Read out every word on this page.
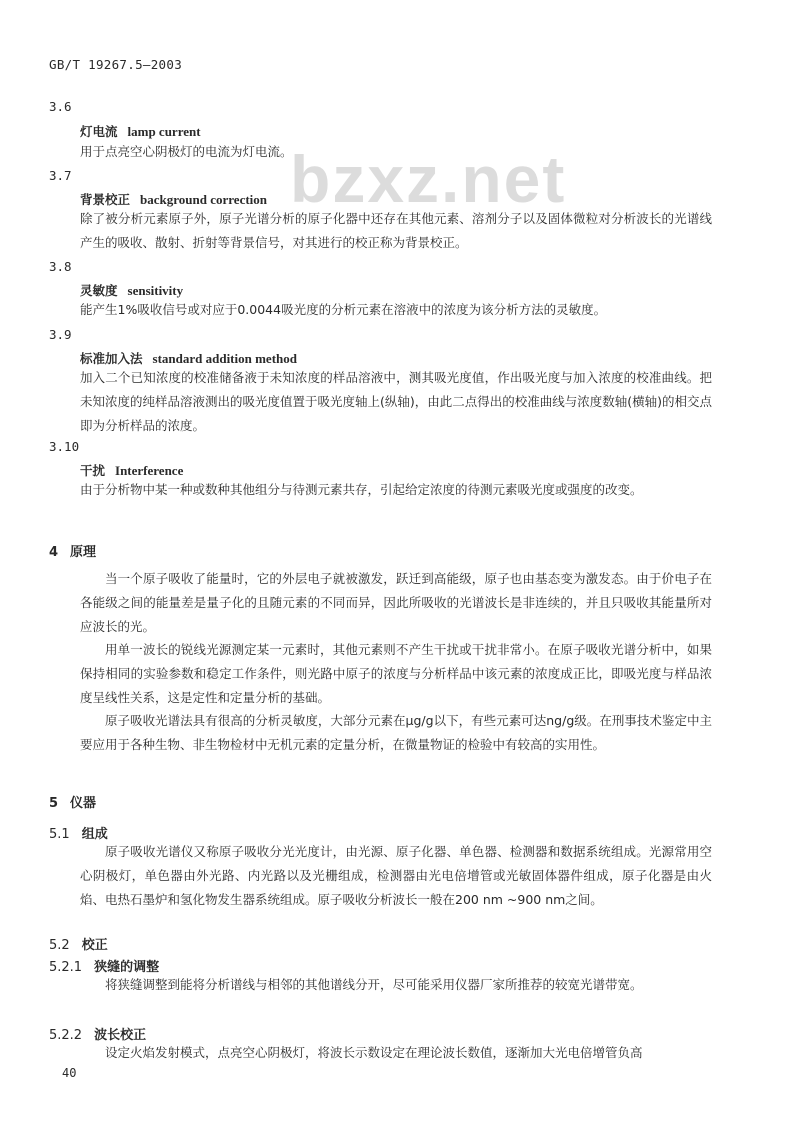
GB/T 19267.5—2003
bzxz.net
3.6
灯电流 lamp current

用于点亮空心阴极灯的电流为灯电流。

3.7
背景校正 background correction

除了被分析元素原子外，原子光谱分析的原子化器中还存在其他元素、溶剂分子以及固体微粒对分析波长的光谱线产生的吸收、散射、折射等背景信号，对其进行的校正称为背景校正。

3.8
灵敏度 sensitivity

能产生1%吸收信号或对应于0.0044吸光度的分析元素在溶液中的浓度为该分析方法的灵敏度。

3.9
标准加入法 standard addition method

加入二个已知浓度的校准储备液于未知浓度的样品溶液中，测其吸光度值，作出吸光度与加入浓度的校准曲线。把未知浓度的纯样品溶液测出的吸光度值置于吸光度轴上(纵轴)，由此二点得出的校准曲线与浓度数轴(横轴)的相交点即为分析样品的浓度。

3.10
干扰 Interference

由于分析物中某一种或数种其他组分与待测元素共存，引起给定浓度的待测元素吸光度或强度的改变。

4 原理

当一个原子吸收了能量时，它的外层电子就被激发，跃迁到高能级，原子也由基态变为激发态。由于价电子在各能级之间的能量差是量子化的且随元素的不同而异，因此所吸收的光谱波长是非连续的，并且只吸收其能量所对应波长的光。

用单一波长的锐线光源测定某一元素时，其他元素则不产生干扰或干扰非常小。在原子吸收光谱分析中，如果保持相同的实验参数和稳定工作条件，则光路中原子的浓度与分析样品中该元素的浓度成正比，即吸光度与样品浓度呈线性关系，这是定性和定量分析的基础。

原子吸收光谱法具有很高的分析灵敏度，大部分元素在μg/g以下，有些元素可达ng/g级。在刑事技术鉴定中主要应用于各种生物、非生物检材中无机元素的定量分析，在微量物证的检验中有较高的实用性。

5 仪器
5.1 组成

原子吸收光谱仪又称原子吸收分光光度计，由光源、原子化器、单色器、检测器和数据系统组成。光源常用空心阴极灯，单色器由外光路、内光路以及光栅组成，检测器由光电倍增管或光敏固体器件组成，原子化器是由火焰、电热石墨炉和氢化物发生器系统组成。原子吸收分析波长一般在200 nm ~900 nm之间。

5.2 校正
5.2.1 狭缝的调整

将狭缝调整到能将分析谱线与相邻的其他谱线分开，尽可能采用仪器厂家所推荐的较宽光谱带宽。

5.2.2 波长校正

设定火焰发射模式，点亮空心阴极灯，将波长示数设定在理论波长数值，逐渐加大光电倍增管负高

40
